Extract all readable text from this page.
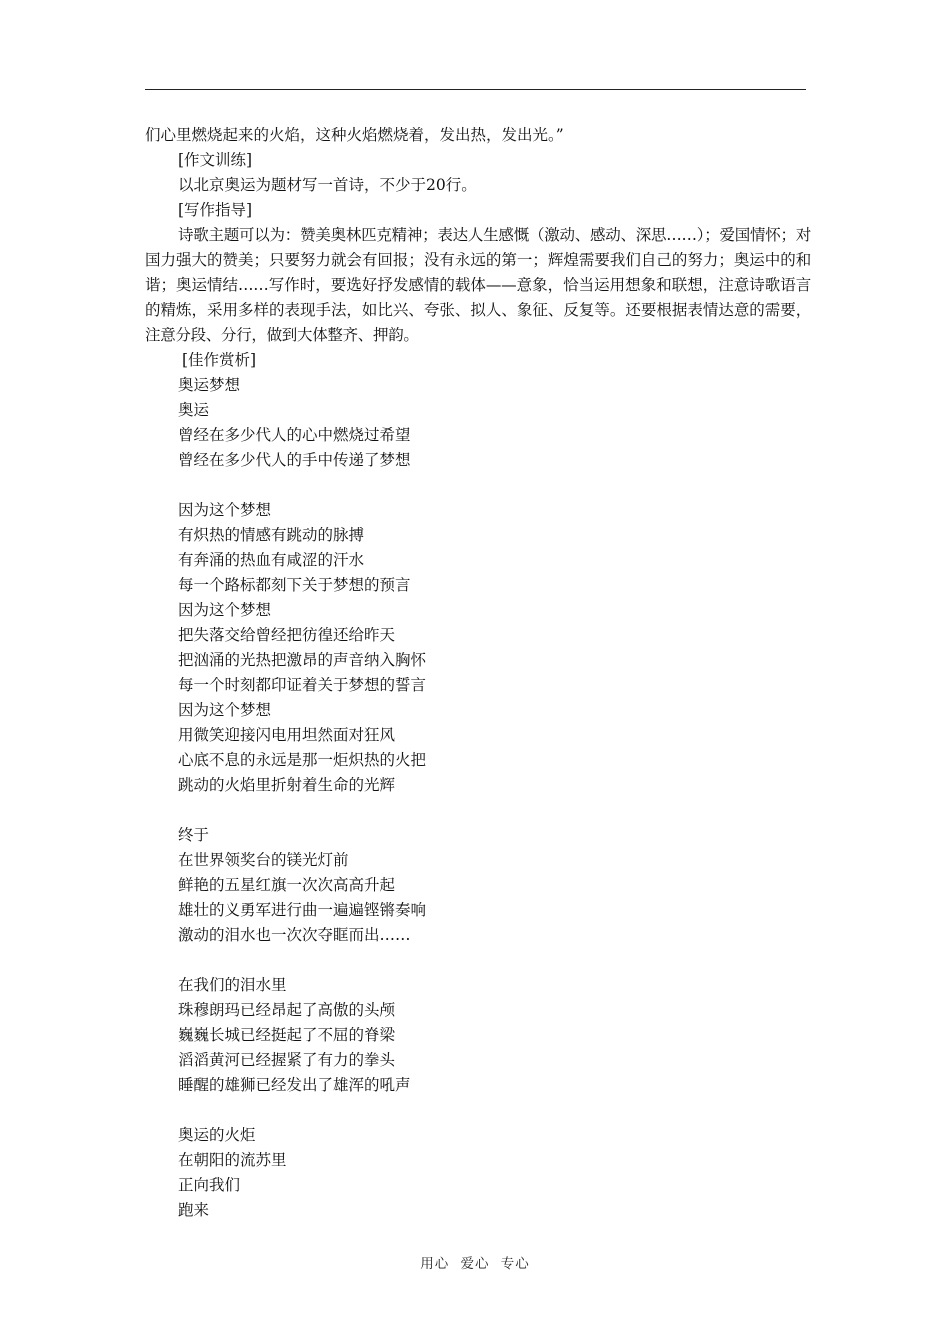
们心里燃烧起来的火焰，这种火焰燃烧着，发出热，发出光。”

[作文训练]

以北京奥运为题材写一首诗，不少于20行。

[写作指导]

诗歌主题可以为：赞美奥林匹克精神；表达人生感慨（激动、感动、深思……）；爱国情怀；对国力强大的赞美；只要努力就会有回报；没有永远的第一；辉煌需要我们自己的努力；奥运中的和谐；奥运情结……写作时，要选好抒发感情的载体——意象，恰当运用想象和联想，注意诗歌语言的精炼，采用多样的表现手法，如比兴、夸张、拟人、象征、反复等。还要根据表情达意的需要，注意分段、分行，做到大体整齐、押韵。

[佳作赏析]

奥运梦想
奥运
曾经在多少代人的心中燃烧过希望
曾经在多少代人的手中传递了梦想
因为这个梦想
有炽热的情感有跳动的脉搏
有奔涌的热血有咸涩的汗水
每一个路标都刻下关于梦想的预言
因为这个梦想
把失落交给曾经把彷徨还给昨天
把汹涌的光热把激昂的声音纳入胸怀
每一个时刻都印证着关于梦想的誓言
因为这个梦想
用微笑迎接闪电用坦然面对狂风
心底不息的永远是那一炬炽热的火把
跳动的火焰里折射着生命的光辉
终于
在世界领奖台的镁光灯前
鲜艳的五星红旗一次次高高升起
雄壮的义勇军进行曲一遍遍铿锵奏响
激动的泪水也一次次夺眶而出……
在我们的泪水里
珠穆朗玛已经昂起了高傲的头颅
巍巍长城已经挺起了不屈的脊梁
滔滔黄河已经握紧了有力的拳头
睡醒的雄狮已经发出了雄浑的吼声
奥运的火炬
在朝阳的流苏里
正向我们
跑来
用心 爱心 专心
